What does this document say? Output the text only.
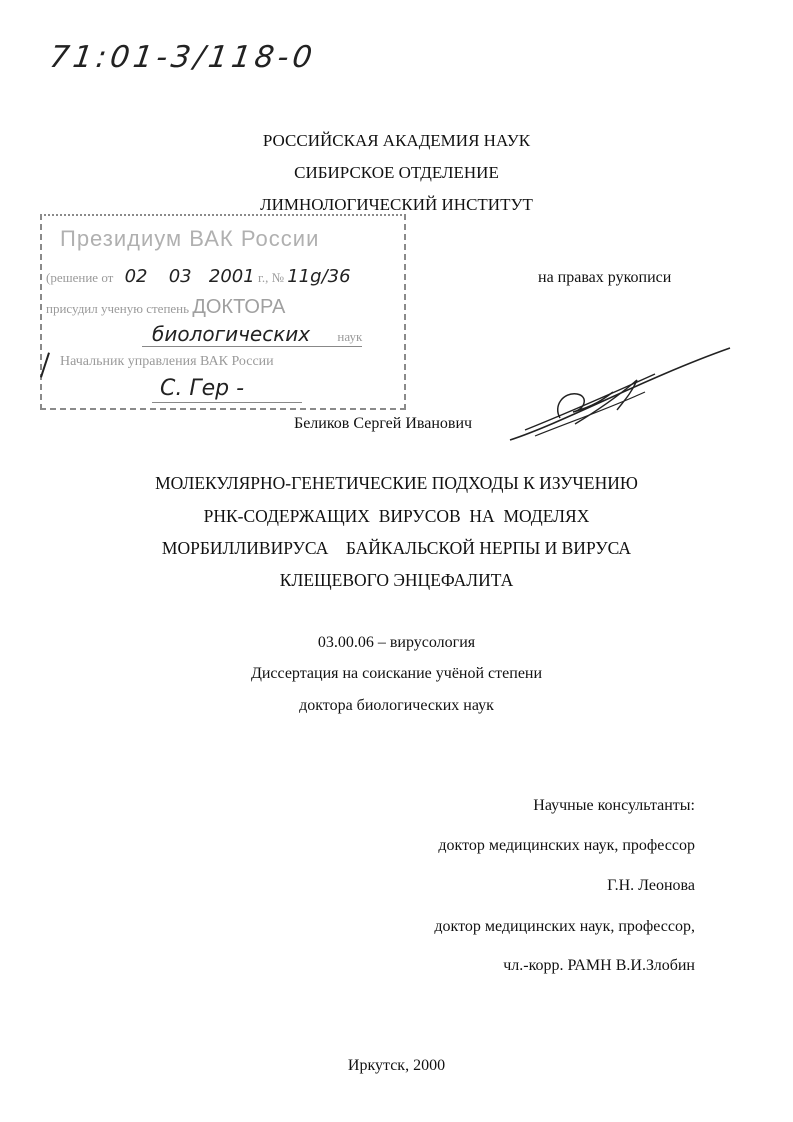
71:01-3/118-0
РОССИЙСКАЯ АКАДЕМИЯ НАУК
СИБИРСКОЕ ОТДЕЛЕНИЕ
ЛИМНОЛОГИЧЕСКИЙ ИНСТИТУТ
Президиум ВАК России
(решение от 02 03 2001 г., № 11g/36
присудил ученую степень ДОКТОРА
биологических наук
Начальник управления ВАК России
С. Гер -
на правах рукописи
Беликов Сергей Иванович
МОЛЕКУЛЯРНО-ГЕНЕТИЧЕСКИЕ ПОДХОДЫ К ИЗУЧЕНИЮ
РНК-СОДЕРЖАЩИХ  ВИРУСОВ  НА  МОДЕЛЯХ
МОРБИЛЛИВИРУСА    БАЙКАЛЬСКОЙ НЕРПЫ И ВИРУСА
КЛЕЩЕВОГО ЭНЦЕФАЛИТА
03.00.06 – вирусология
Диссертация на соискание учёной степени
доктора биологических наук
Научные консультанты:
доктор медицинских наук, профессор
Г.Н. Леонова
доктор медицинских наук, профессор,
чл.-корр. РАМН В.И.Злобин
Иркутск, 2000
